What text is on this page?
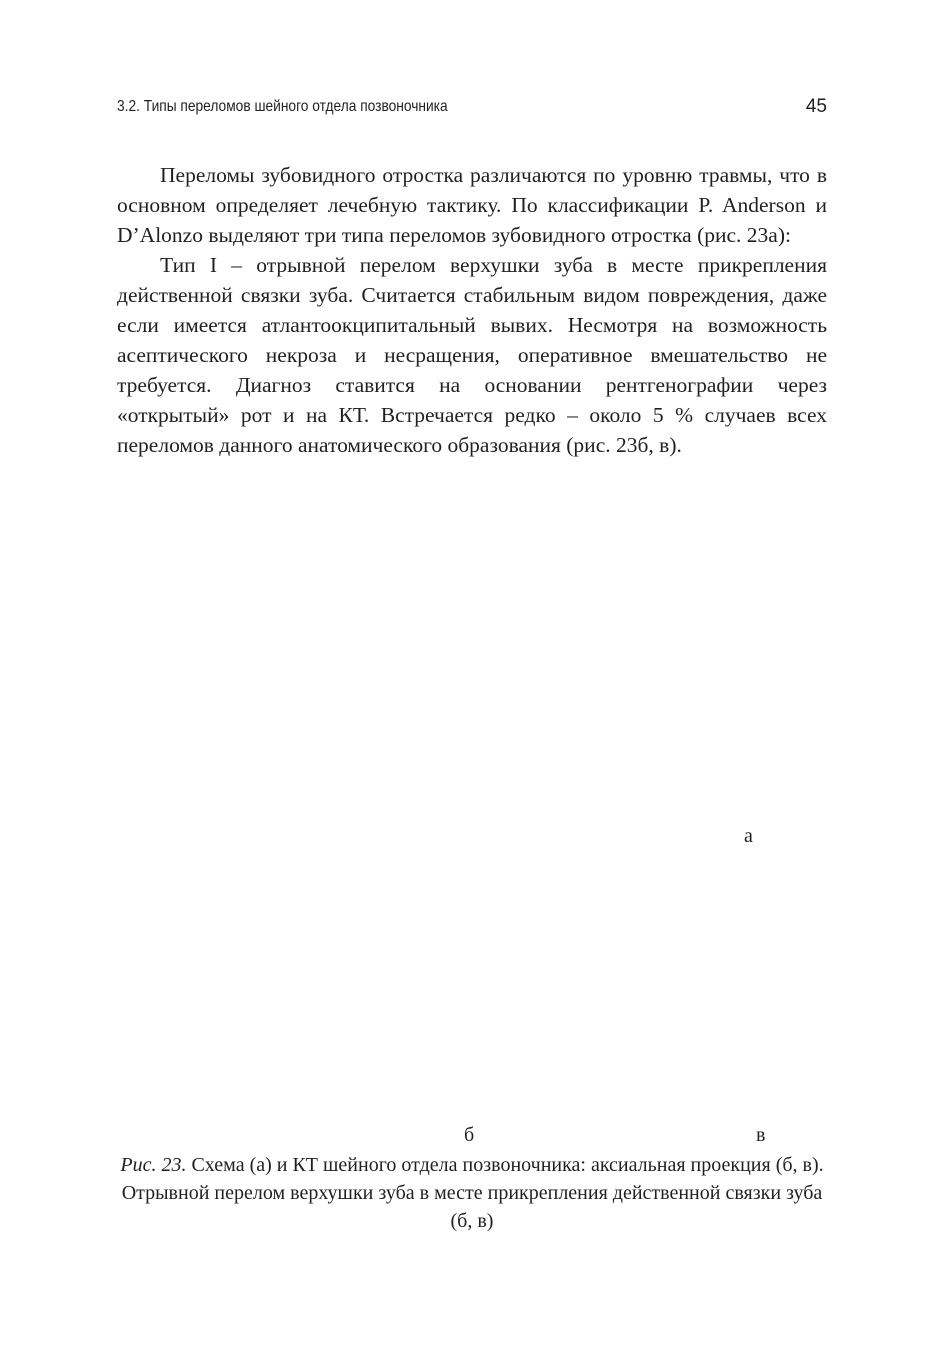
3.2. Типы переломов шейного отдела позвоночника	45

Переломы зубовидного отростка различаются по уровню травмы, что в основном определяет лечебную тактику. По классификации P. Anderson и D’Alonzo выделяют три типа переломов зубовидного отростка (рис. 23а):

Тип I – отрывной перелом верхушки зуба в месте прикрепления действенной связки зуба. Считается стабильным видом повреждения, даже если имеется атлантоокципитальный вывих. Несмотря на возможность асептического некроза и несращения, оперативное вмешательство не требуется. Диагноз ставится на основании рентгенографии через «открытый» рот и на КТ. Встречается редко – около 5 % случаев всех переломов данного анатомического образования (рис. 23б, в).

а
б	в
Рис. 23. Схема (а) и КТ шейного отдела позвоночника: аксиальная проекция (б, в). Отрывной перелом верхушки зуба в месте прикрепления действенной связки зуба (б, в)
